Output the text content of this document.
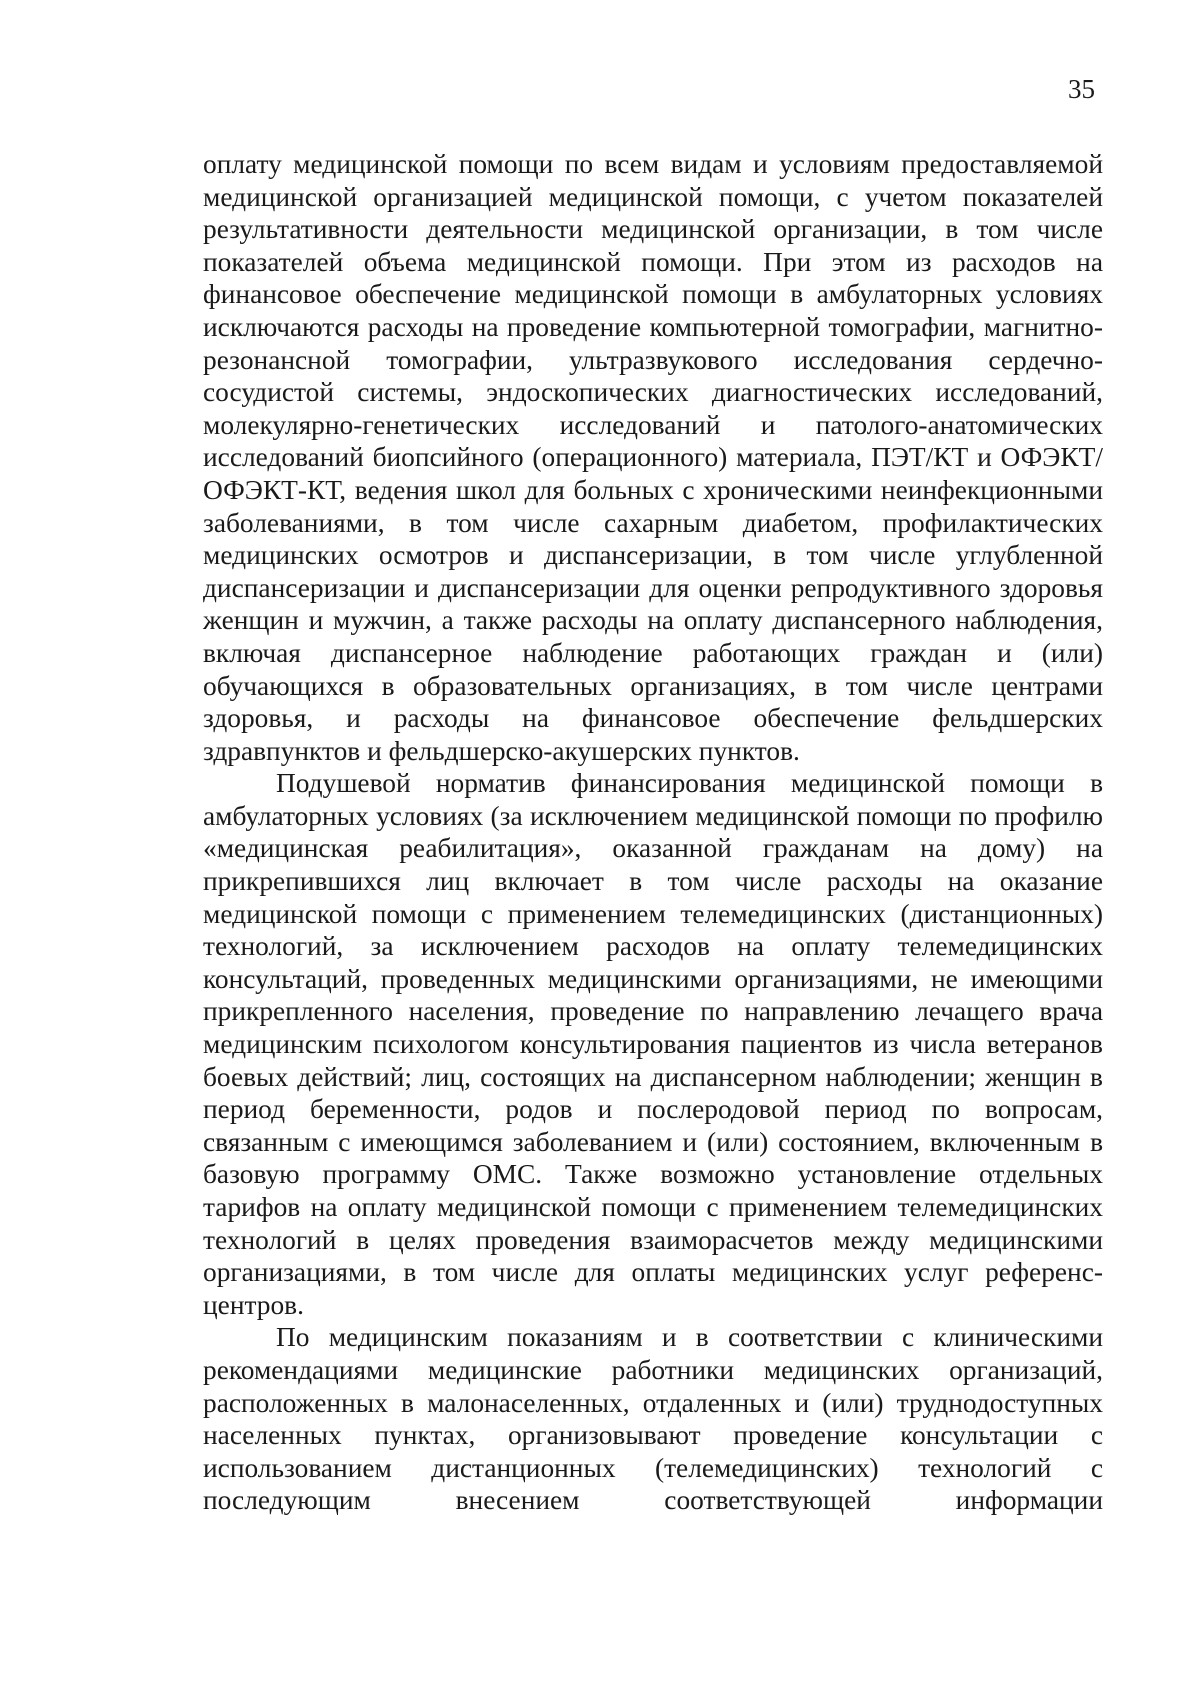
35

оплату медицинской помощи по всем видам и условиям предоставляемой медицинской организацией медицинской помощи, с учетом показателей результативности деятельности медицинской организации, в том числе показателей объема медицинской помощи. При этом из расходов на финансовое обеспечение медицинской помощи в амбулаторных условиях исключаются расходы на проведение компьютерной томографии, магнитно-резонансной томографии, ультразвукового исследования сердечно-сосудистой системы, эндоскопических диагностических исследований, молекулярно-генетических исследований и патолого-анатомических исследований биопсийного (операционного) материала, ПЭТ/КТ и ОФЭКТ/ОФЭКТ-КТ, ведения школ для больных с хроническими неинфекционными заболеваниями, в том числе сахарным диабетом, профилактических медицинских осмотров и диспансеризации, в том числе углубленной диспансеризации и диспансеризации для оценки репродуктивного здоровья женщин и мужчин, а также расходы на оплату диспансерного наблюдения, включая диспансерное наблюдение работающих граждан и (или) обучающихся в образовательных организациях, в том числе центрами здоровья, и расходы на финансовое обеспечение фельдшерских здравпунктов и фельдшерско-акушерских пунктов.

Подушевой норматив финансирования медицинской помощи в амбулаторных условиях (за исключением медицинской помощи по профилю «медицинская реабилитация», оказанной гражданам на дому) на прикрепившихся лиц включает в том числе расходы на оказание медицинской помощи с применением телемедицинских (дистанционных) технологий, за исключением расходов на оплату телемедицинских консультаций, проведенных медицинскими организациями, не имеющими прикрепленного населения, проведение по направлению лечащего врача медицинским психологом консультирования пациентов из числа ветеранов боевых действий; лиц, состоящих на диспансерном наблюдении; женщин в период беременности, родов и послеродовой период по вопросам, связанным с имеющимся заболеванием и (или) состоянием, включенным в базовую программу ОМС. Также возможно установление отдельных тарифов на оплату медицинской помощи с применением телемедицинских технологий в целях проведения взаиморасчетов между медицинскими организациями, в том числе для оплаты медицинских услуг референс-центров.

По медицинским показаниям и в соответствии с клиническими рекомендациями медицинские работники медицинских организаций, расположенных в малонаселенных, отдаленных и (или) труднодоступных населенных пунктах, организовывают проведение консультации с использованием дистанционных (телемедицинских) технологий с последующим внесением соответствующей информации
